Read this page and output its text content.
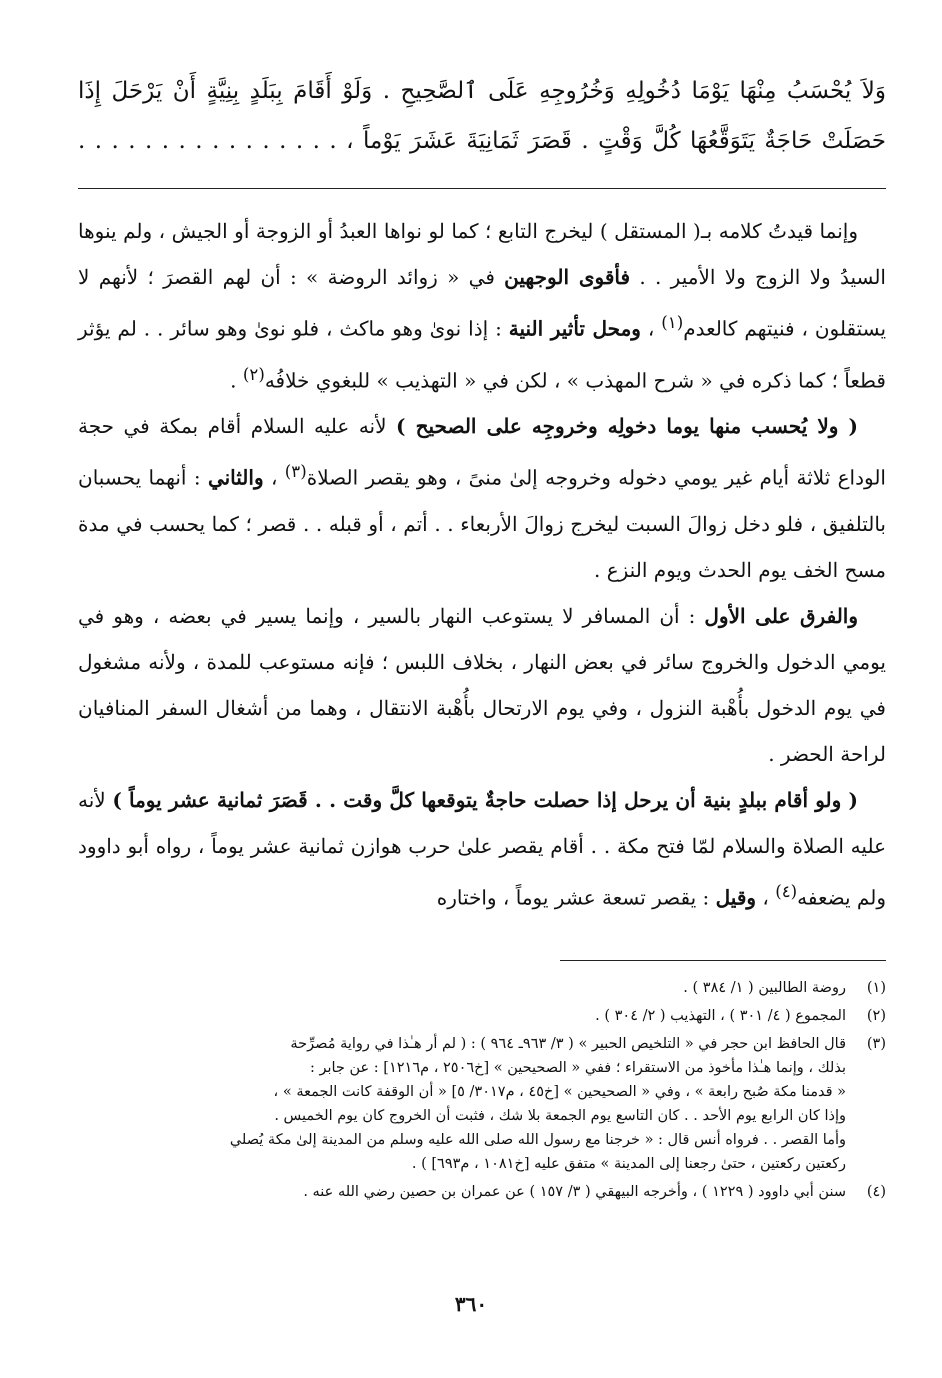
وَلاَ يُحْسَبُ مِنْهَا يَوْمَا دُخُولِهِ وَخُرُوجِهِ عَلَى ٱلصَّحِيحِ . وَلَوْ أَقَامَ بِبَلَدٍ بِنِيَّةٍ أَنْ يَرْحَلَ إِذَا

حَصَلَتْ حَاجَةٌ يَتَوَقَّعُهَا كُلَّ وَقْتٍ . قَصَرَ ثَمَانِيَةَ عَشَرَ يَوْماً ، . . . . . . . . . . . . . . . .

وإنما قيدتُ كلامه بـ( المستقل ) ليخرج التابع ؛ كما لو نواها العبدُ أو الزوجة أو الجيش ، ولم ينوها السيدُ ولا الزوج ولا الأمير . . فأقوى الوجهين في « زوائد الروضة » : أن لهم القصرَ ؛ لأنهم لا يستقلون ، فنيتهم كالعدم$^{(١)}$ ، ومحل تأثير النية : إذا نوىٰ وهو ماكث ، فلو نوىٰ وهو سائر . . لم يؤثر قطعاً ؛ كما ذكره في « شرح المهذب » ، لكن في « التهذيب » للبغوي خلافُه$^{(٢)}$ .

( ولا يُحسب منها يوما دخولِه وخروجِه على الصحيح ) لأنه عليه السلام أقام بمكة في حجة الوداع ثلاثة أيام غير يومي دخوله وخروجه إلىٰ منىً ، وهو يقصر الصلاة$^{(٣)}$ ، والثاني : أنهما يحسبان بالتلفيق ، فلو دخل زوالَ السبت ليخرج زوالَ الأربعاء . . أتم ، أو قبله . . قصر ؛ كما يحسب في مدة مسح الخف يوم الحدث ويوم النزع .

والفرق على الأول : أن المسافر لا يستوعب النهار بالسير ، وإنما يسير في بعضه ، وهو في يومي الدخول والخروج سائر في بعض النهار ، بخلاف اللبس ؛ فإنه مستوعب للمدة ، ولأنه مشغول في يوم الدخول بأُهْبة النزول ، وفي يوم الارتحال بأُهْبة الانتقال ، وهما من أشغال السفر المنافيان لراحة الحضر .

( ولو أقام ببلدٍ بنية أن يرحل إذا حصلت حاجةٌ يتوقعها كلَّ وقت . . قَصَرَ ثمانية عشر يوماً ) لأنه عليه الصلاة والسلام لمّا فتح مكة . . أقام يقصر علىٰ حرب هوازن ثمانية عشر يوماً ، رواه أبو داوود ولم يضعفه$^{(٤)}$ ، وقيل : يقصر تسعة عشر يوماً ، واختاره

(١)
روضة الطالبين ( ١/ ٣٨٤ ) .
(٢)
المجموع ( ٤/ ٣٠١ ) ، التهذيب ( ٢/ ٣٠٤ ) .
(٣)
قال الحافظ ابن حجر في « التلخيص الحبير » ( ٣/ ٩٦٣ـ ٩٦٤ ) : ( لم أر هـٰذا في رواية مُصرِّحة
بذلك ، وإنما هـٰذا مأخوذ من الاستقراء ؛ ففي « الصحيحين » [خ٢٥٠٦ ، م١٢١٦] : عن جابر :
« قدمنا مكة صُبح رابعة » ، وفي « الصحيحين » [خ٤٥ ، م٣٠١٧/ ٥] « أن الوقفة كانت الجمعة » ،
وإذا كان الرابع يوم الأحد . . كان التاسع يوم الجمعة بلا شك ، فثبت أن الخروج كان يوم الخميس .
وأما القصر . . فرواه أنس قال : « خرجنا مع رسول الله صلى الله عليه وسلم من المدينة إلىٰ مكة يُصلي
ركعتين ركعتين ، حتىٰ رجعنا إلى المدينة » متفق عليه [خ١٠٨١ ، م٦٩٣] ) .
(٤)
سنن أبي داوود ( ١٢٢٩ ) ، وأخرجه البيهقي ( ٣/ ١٥٧ ) عن عمران بن حصين رضي الله عنه .
٣٦٠
